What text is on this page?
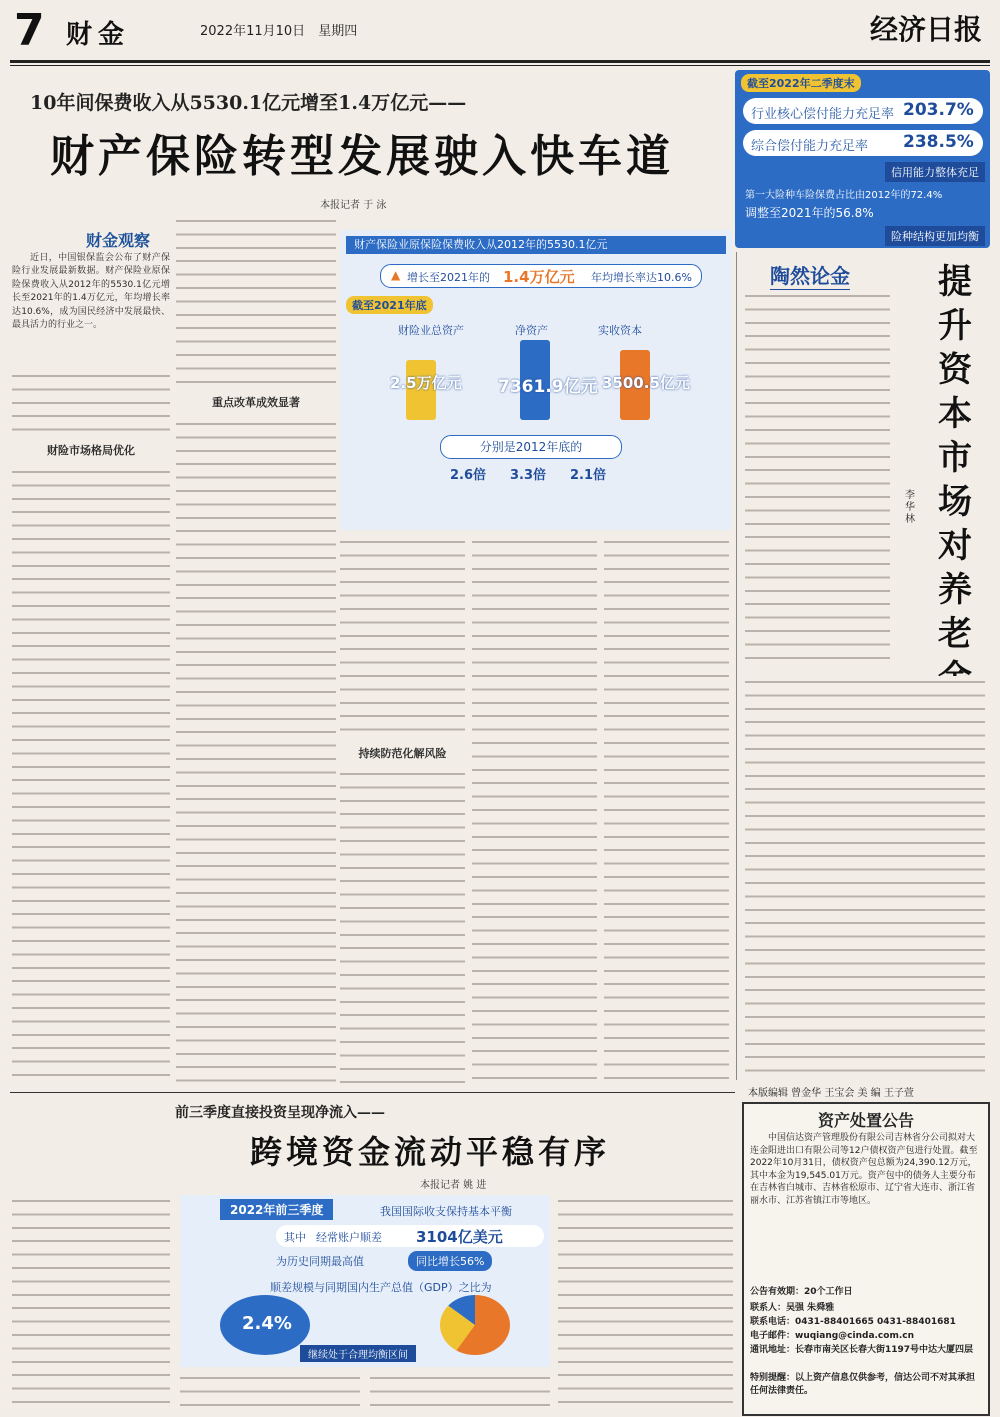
7 财金	2022年11月10日　 星期四	经济日报
10年间保费收入从5530.1亿元增至1.4万亿元——
财产保险转型发展驶入快车道
本报记者 于 泳
截至2022年二季度末
行业核心偿付能力充足率 203.7%
综合偿付能力充足率 238.5%
信用能力整体充足
第一大险种车险保费占比由2012年的72.4%
调整至2021年的56.8%
险种结构更加均衡
财金观察

近日，中国银保监会公布了财产保险行业发展最新数据。财产保险业原保险保费收入从2012年的5530.1亿元增长至2021年的1.4万亿元，年均增长率达10.6%，成为国民经济中发展最快、最具活力的行业之一。

财险市场格局优化
重点改革成效显著
财产保险业原保险保费收入从2012年的5530.1亿元
▲ 增长至2021年的 1.4万亿元 年均增长率达10.6%
截至2021年底
财险业总资产	净资产	实收资本
2.5万亿元 7361.9亿元 3500.5亿元
分别是2012年底的
2.6倍 3.3倍 2.1倍
持续防范化解风险
陶然论金	提升资本市场对养老
李华林
前三季度直接投资呈现净流入——
跨境资金流动平稳有序
本报记者 姚 进
2022年前三季度	我国国际收支保持基本平衡
其中 经常账户顺差 3104亿美元
为历史同期最高值	同比增长56%
顺差规模与同期国内生产总值（GDP）之比为
2.4%
继续处于合理均衡区间
本版编辑 曾金华 王宝会 美 编 王子萱
资产处置公告
中国信达资产管理股份有限公司吉林省分公司拟对大连金阳进出口有限公司等12户债权资产包进行处置。截至2022年10月31日，债权资产包总额为24,390.12万元，其中本金为19,545.01万元。资产包中的债务人主要分布在吉林省白城市、吉林省松原市、辽宁省大连市、浙江省丽水市、江苏省镇江市等地区。
公告有效期：20个工作日
联系人：吴强 朱舜雅
联系电话：0431-88401665 0431-88401681
电子邮件：wuqiang@cinda.com.cn
通讯地址：长春市南关区长春大街1197号中达大厦四层
特别提醒：以上资产信息仅供参考，信达公司不对其承担任何法律责任。
